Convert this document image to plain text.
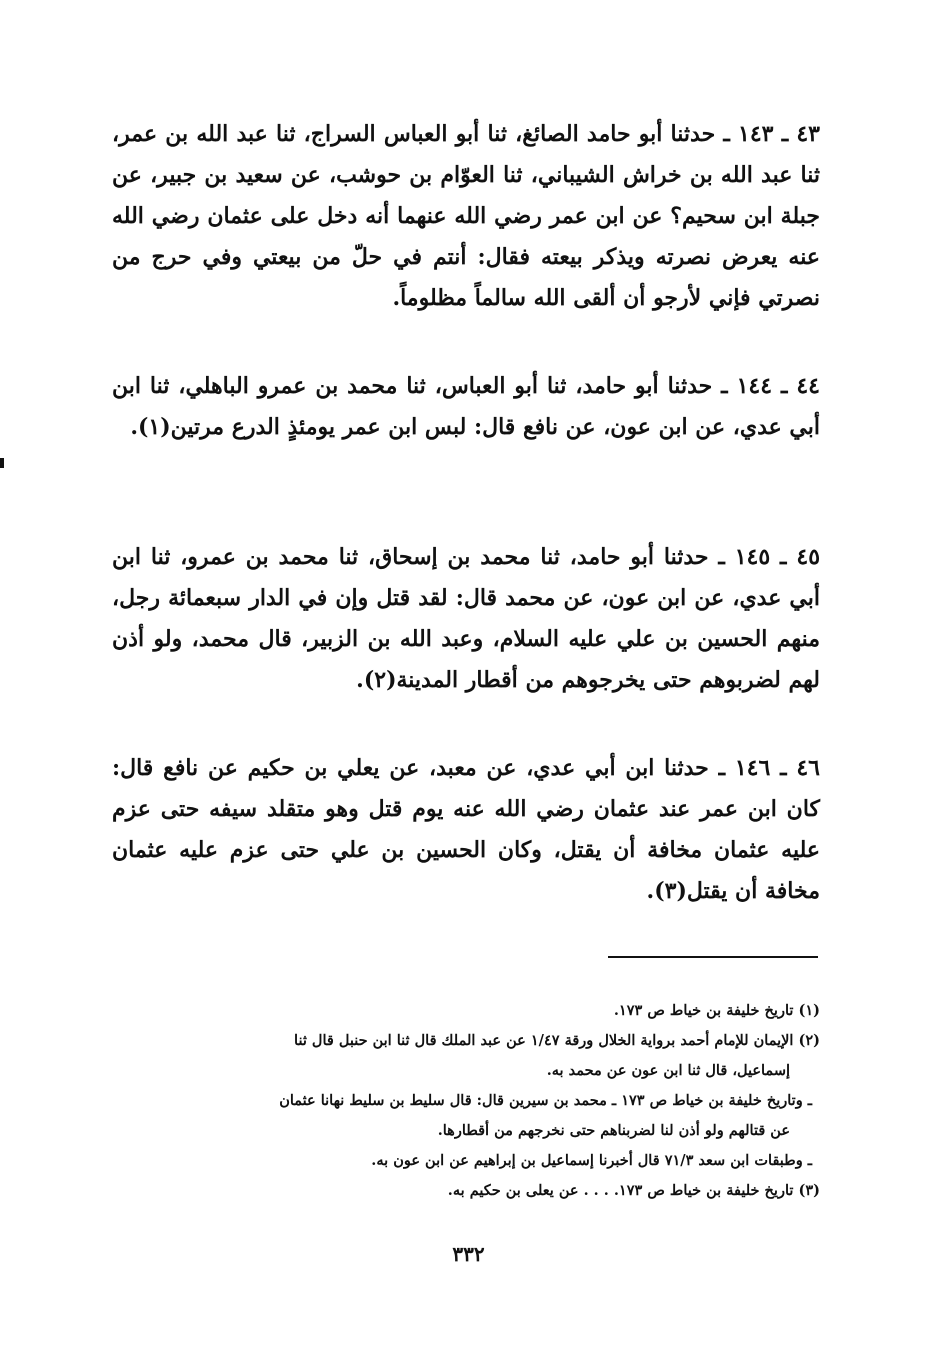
٤٣ ـ ١٤٣ ـ حدثنا أبو حامد الصائغ، ثنا أبو العباس السراج، ثنا عبد الله بن عمر، ثنا عبد الله بن خراش الشيباني، ثنا العوّام بن حوشب، عن سعيد بن جبير، عن جبلة ابن سحيم؟ عن ابن عمر رضي الله عنهما أنه دخل على عثمان رضي الله عنه يعرض نصرته ويذكر بيعته فقال: أنتم في حلّ من بيعتي وفي حرج من نصرتي فإني لأرجو أن ألقى الله سالماً مظلوماً.

٤٤ ـ ١٤٤ ـ حدثنا أبو حامد، ثنا أبو العباس، ثنا محمد بن عمرو الباهلي، ثنا ابن أبي عدي، عن ابن عون، عن نافع قال: لبس ابن عمر يومئذٍ الدرع مرتين(١).

٤٥ ـ ١٤٥ ـ حدثنا أبو حامد، ثنا محمد بن إسحاق، ثنا محمد بن عمرو، ثنا ابن أبي عدي، عن ابن عون، عن محمد قال: لقد قتل وإن في الدار سبعمائة رجل، منهم الحسين بن علي عليه السلام، وعبد الله بن الزبير، قال محمد، ولو أذن لهم لضربوهم حتى يخرجوهم من أقطار المدينة(٢).

٤٦ ـ ١٤٦ ـ حدثنا ابن أبي عدي، عن معبد، عن يعلي بن حكيم عن نافع قال: كان ابن عمر عند عثمان رضي الله عنه يوم قتل وهو متقلد سيفه حتى عزم عليه عثمان مخافة أن يقتل، وكان الحسين بن علي حتى عزم عليه عثمان مخافة أن يقتل(٣).

(١) تاريخ خليفة بن خياط ص ١٧٣.

(٢) الإيمان للإمام أحمد برواية الخلال ورقة ١/٤٧ عن عبد الملك قال ثنا ابن حنبل قال ثنا

إسماعيل، قال ثنا ابن عون عن محمد به.

ـ وتاريخ خليفة بن خياط ص ١٧٣ ـ محمد بن سيرين قال: قال سليط بن سليط نهانا عثمان

عن قتالهم ولو أذن لنا لضربناهم حتى نخرجهم من أقطارها.

ـ وطبقات ابن سعد ٧١/٣ قال أخبرنا إسماعيل بن إبراهيم عن ابن عون به.

(٣) تاريخ خليفة بن خياط ص ١٧٣. . . . عن يعلى بن حكيم به.

٣٣٢
